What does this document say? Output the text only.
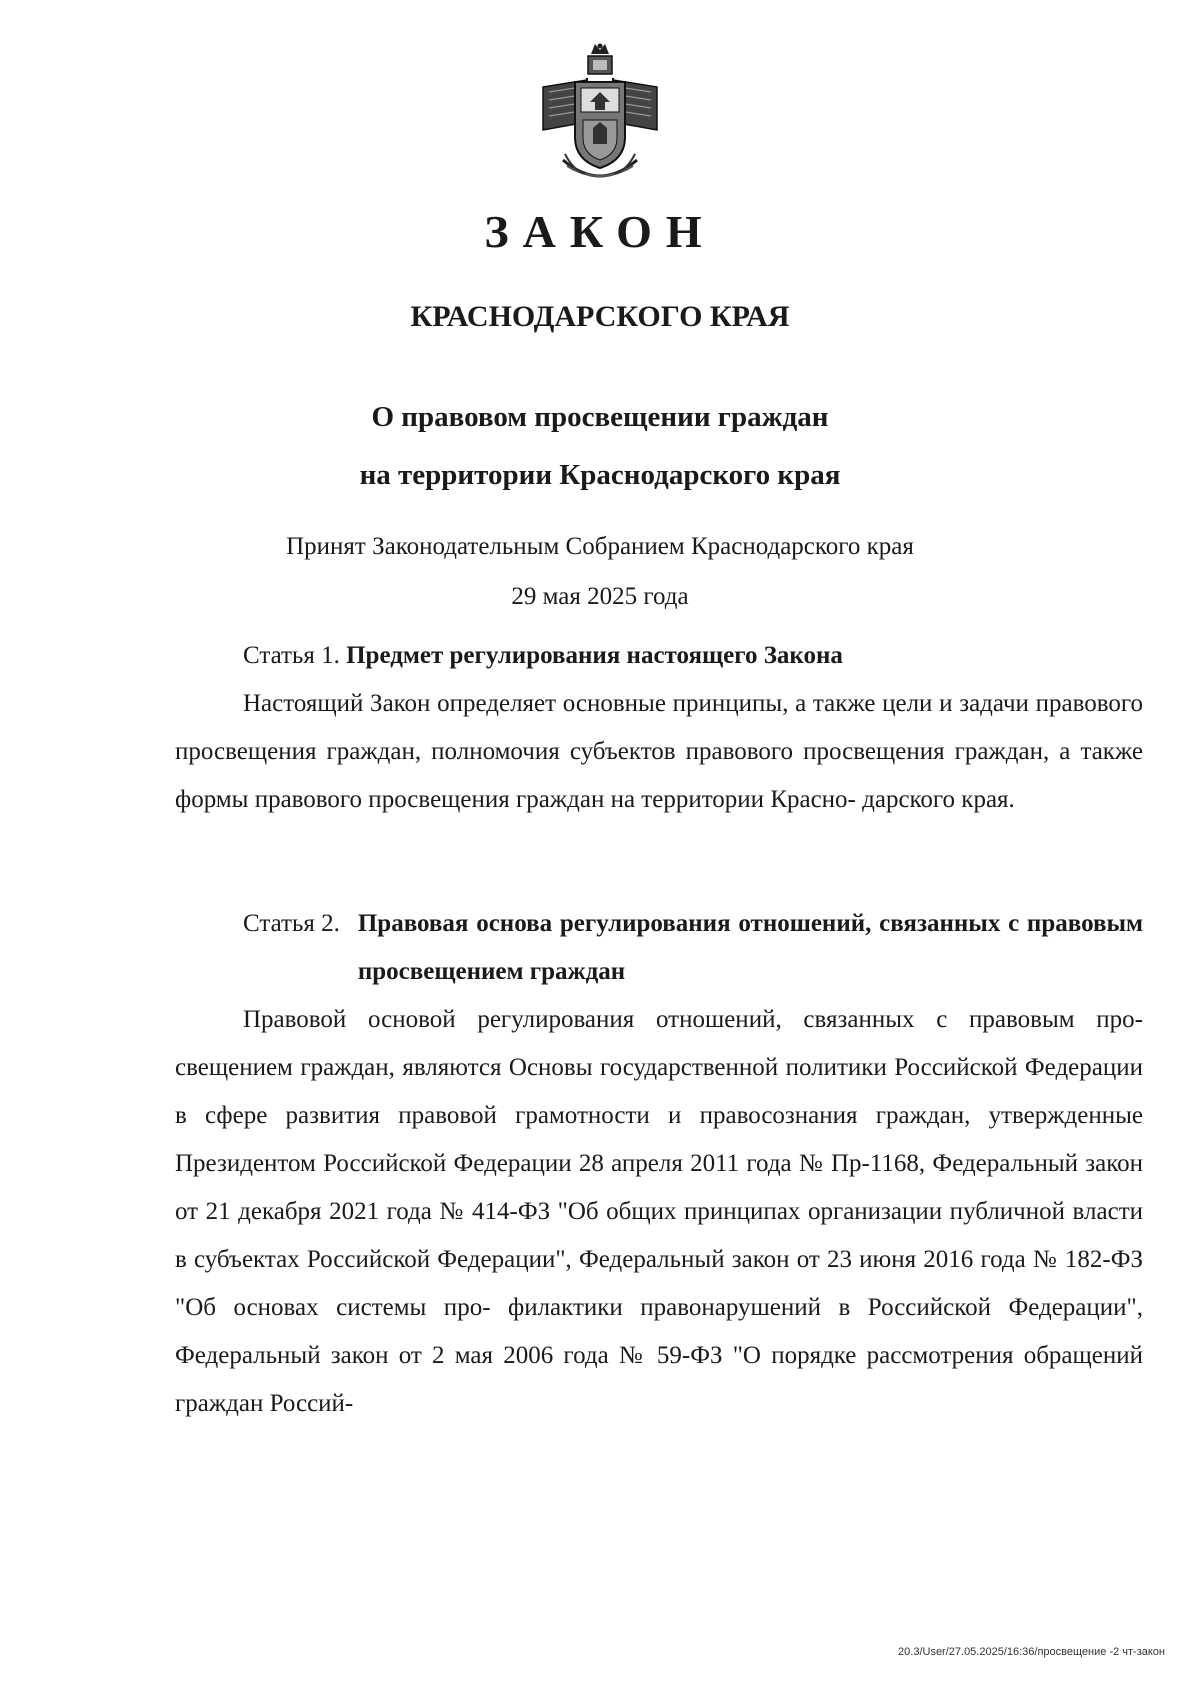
ЗАКОН
КРАСНОДАРСКОГО КРАЯ
О правовом просвещении граждан
на территории Краснодарского края
Принят Законодательным Собранием Краснодарского края
29 мая 2025 года

Статья 1. Предмет регулирования настоящего Закона

Настоящий Закон определяет основные принципы, а также цели и задачи правового просвещения граждан, полномочия субъектов правового просвещения граждан, а также формы правового просвещения граждан на территории Красно- дарского края.

Статья 2. Правовая основа регулирования отношений, связанных с правовым просвещением граждан

Правовой основой регулирования отношений, связанных с правовым про- свещением граждан, являются Основы государственной политики Российской Федерации в сфере развития правовой грамотности и правосознания граждан, утвержденные Президентом Российской Федерации 28 апреля 2011 года № Пр-1168, Федеральный закон от 21 декабря 2021 года № 414-ФЗ "Об общих принципах организации публичной власти в субъектах Российской Федерации", Федеральный закон от 23 июня 2016 года № 182-ФЗ "Об основах системы про- филактики правонарушений в Российской Федерации", Федеральный закон от 2 мая 2006 года № 59-ФЗ "О порядке рассмотрения обращений граждан Россий-

20.3/User/27.05.2025/16:36/просвещение -2 чт-закон
